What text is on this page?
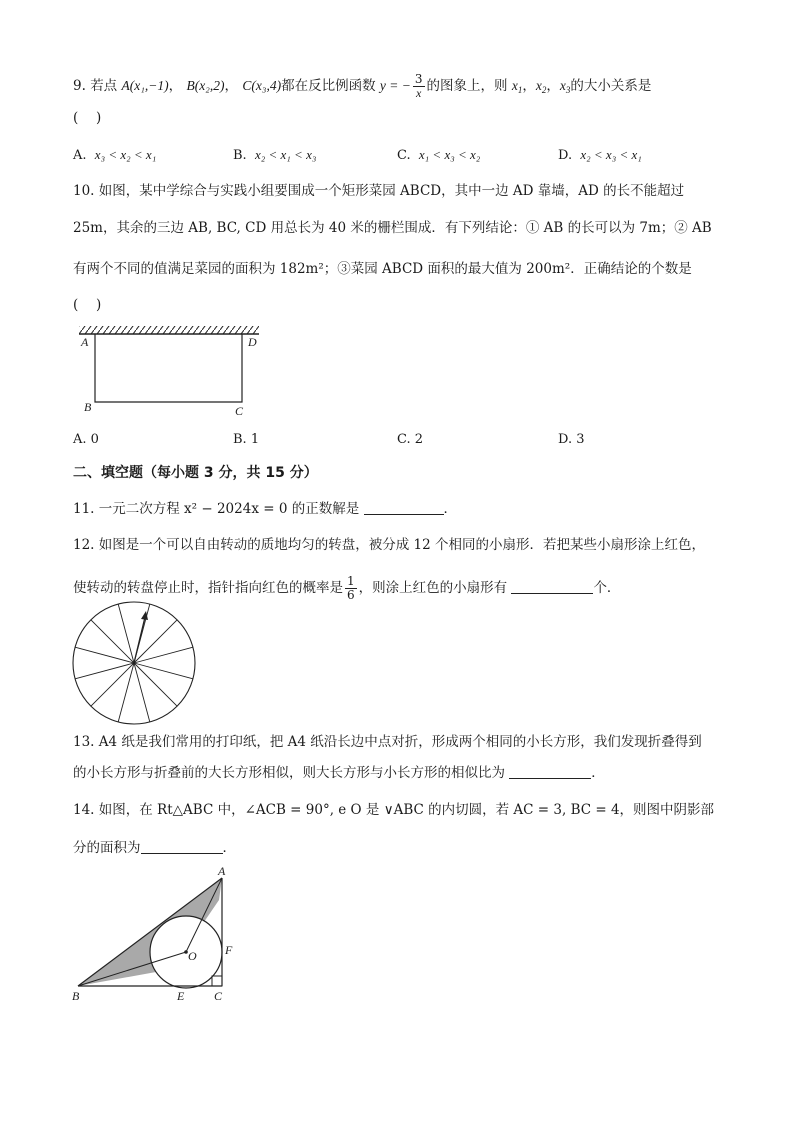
9. 若点 A(x₁,−1)， B(x₂,2)， C(x₃,4)都在反比例函数 y = − $\frac{3}{x}$ 的图象上，则 $x_1$，$x_2$，$x_3$的大小关系是
(　 )
A. x₃ < x₂ < x₁	B. x₂ < x₁ < x₃	C. x₁ < x₃ < x₂	D. x₂ < x₃ < x₁
10. 如图，某中学综合与实践小组要围成一个矩形菜园 ABCD，其中一边 AD 靠墙，AD 的长不能超过
25m，其余的三边 AB, BC, CD 用总长为 40 米的栅栏围成．有下列结论：① AB 的长可以为 7m；② AB
有两个不同的值满足菜园的面积为 182m²；③菜园 ABCD 面积的最大值为 200m²．正确结论的个数是
(　 )
A	D
B	C
A. 0	B. 1	C. 2	D. 3
二、填空题（每小题 3 分，共 15 分）
11. 一元二次方程 x² − 2024x = 0 的正数解是	．
12. 如图是一个可以自由转动的质地均匀的转盘，被分成 12 个相同的小扇形．若把某些小扇形涂上红色，
使转动的转盘停止时，指针指向红色的概率是 $\frac{1}{6}$ ，则涂上红色的小扇形有	个．
13. A4 纸是我们常用的打印纸，把 A4 纸沿长边中点对折，形成两个相同的小长方形，我们发现折叠得到
的小长方形与折叠前的大长方形相似，则大长方形与小长方形的相似比为	．
14. 如图，在 Rt△ABC 中，∠ACB = 90°, e O 是 ∨ABC 的内切圆，若 AC = 3, BC = 4，则图中阴影部
分的面积为	．
A
B	C
E
F
O
